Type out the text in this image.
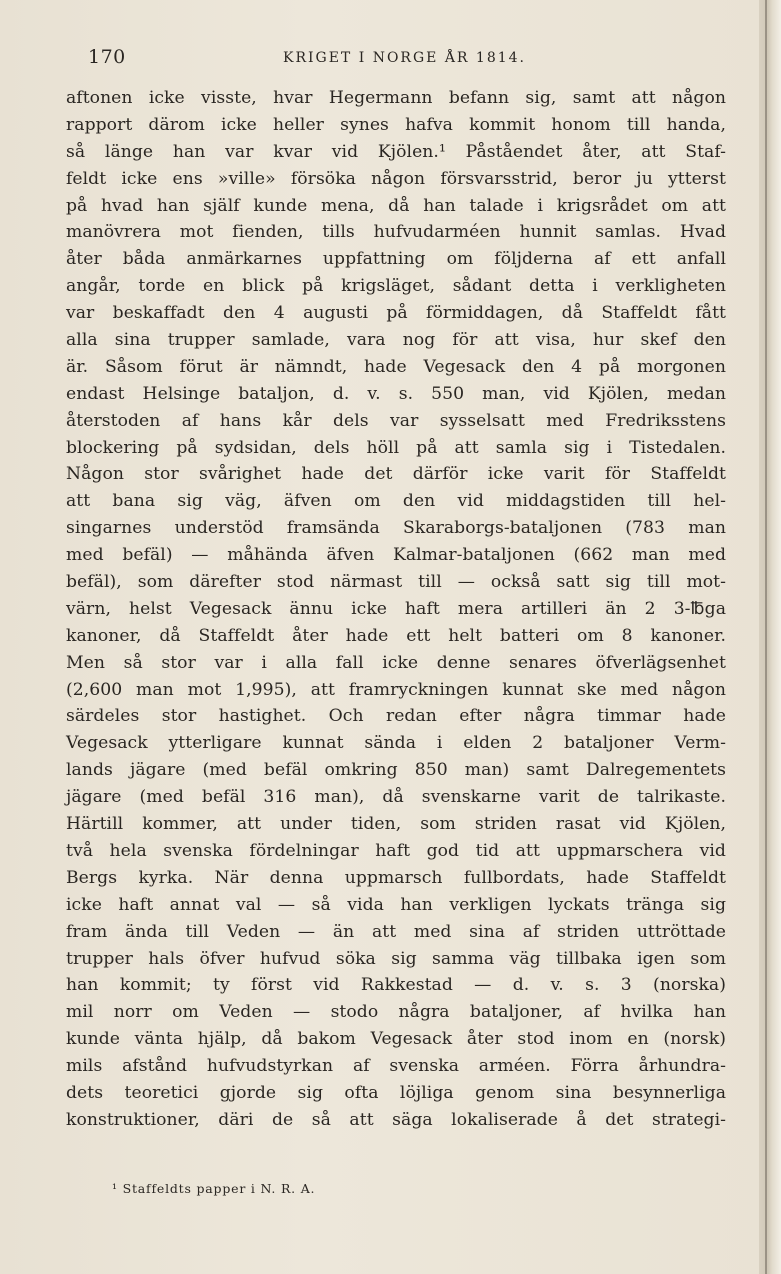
170	KRIGET I NORGE ÅR 1814.
aftonen icke visste, hvar Hegermann befann sig, samt att någon
rapport därom icke heller synes hafva kommit honom till handa,
så länge han var kvar vid Kjölen.¹ Påståendet åter, att Staf-
feldt icke ens »ville» försöka någon försvarsstrid, beror ju ytterst
på hvad han själf kunde mena, då han talade i krigsrådet om att
manövrera mot fienden, tills hufvudarméen hunnit samlas. Hvad
åter båda anmärkarnes uppfattning om följderna af ett anfall
angår, torde en blick på krigsläget, sådant detta i verkligheten
var beskaffadt den 4 augusti på förmiddagen, då Staffeldt fått
alla sina trupper samlade, vara nog för att visa, hur skef den
är. Såsom förut är nämndt, hade Vegesack den 4 på morgonen
endast Helsinge bataljon, d. v. s. 550 man, vid Kjölen, medan
återstoden af hans kår dels var sysselsatt med Fredriksstens
blockering på sydsidan, dels höll på att samla sig i Tistedalen.
Någon stor svårighet hade det därför icke varit för Staffeldt
att bana sig väg, äfven om den vid middagstiden till hel-
singarnes understöd framsända Skaraborgs-bataljonen (783 man
med befäl) — måhända äfven Kalmar-bataljonen (662 man med
befäl), som därefter stod närmast till — också satt sig till mot-
värn, helst Vegesack ännu icke haft mera artilleri än 2 3-℔ga
kanoner, då Staffeldt åter hade ett helt batteri om 8 kanoner.
Men så stor var i alla fall icke denne senares öfverlägsenhet
(2,600 man mot 1,995), att framryckningen kunnat ske med någon
särdeles stor hastighet. Och redan efter några timmar hade
Vegesack ytterligare kunnat sända i elden 2 bataljoner Verm-
lands jägare (med befäl omkring 850 man) samt Dalregementets
jägare (med befäl 316 man), då svenskarne varit de talrikaste.
Härtill kommer, att under tiden, som striden rasat vid Kjölen,
två hela svenska fördelningar haft god tid att uppmarschera vid
Bergs kyrka. När denna uppmarsch fullbordats, hade Staffeldt
icke haft annat val — så vida han verkligen lyckats tränga sig
fram ända till Veden — än att med sina af striden uttröttade
trupper hals öfver hufvud söka sig samma väg tillbaka igen som
han kommit; ty först vid Rakkestad — d. v. s. 3 (norska)
mil norr om Veden — stodo några bataljoner, af hvilka han
kunde vänta hjälp, då bakom Vegesack åter stod inom en (norsk)
mils afstånd hufvudstyrkan af svenska arméen. Förra århundra-
dets teoretici gjorde sig ofta löjliga genom sina besynnerliga
konstruktioner, däri de så att säga lokaliserade å det strategi-
¹ Staffeldts papper i N. R. A.
